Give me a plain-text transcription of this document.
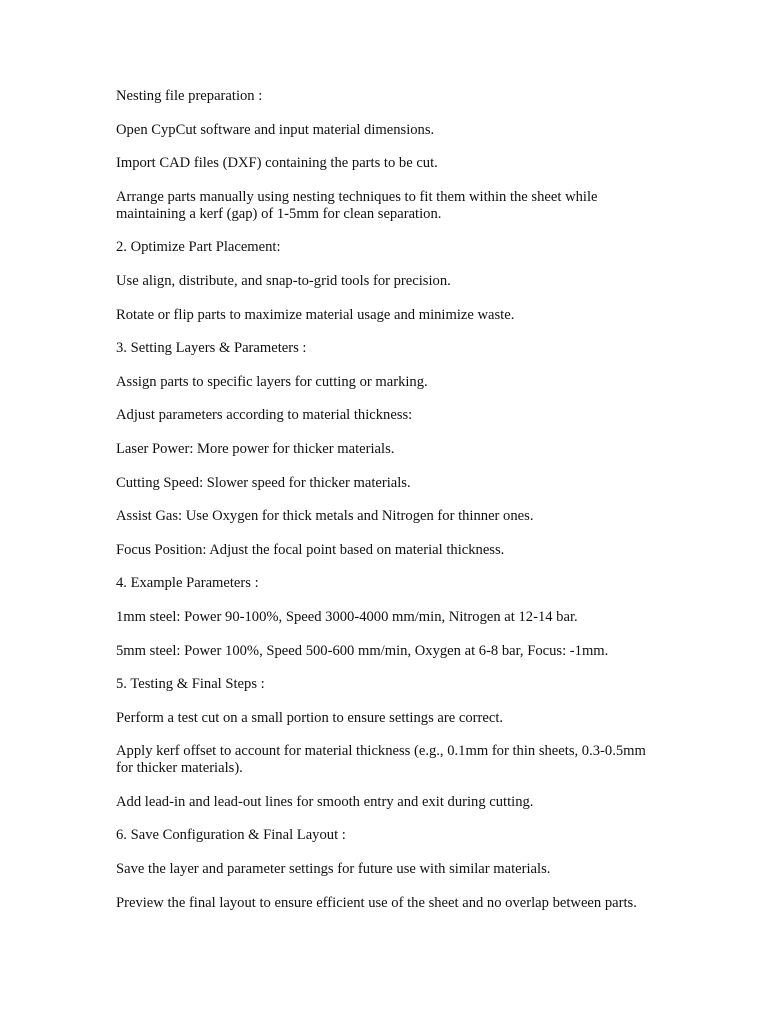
Nesting file preparation :

Open CypCut software and input material dimensions.

Import CAD files (DXF) containing the parts to be cut.

Arrange parts manually using nesting techniques to fit them within the sheet while maintaining a kerf (gap) of 1-5mm for clean separation.

2. Optimize Part Placement:

Use align, distribute, and snap-to-grid tools for precision.

Rotate or flip parts to maximize material usage and minimize waste.

3. Setting Layers & Parameters :

Assign parts to specific layers for cutting or marking.

Adjust parameters according to material thickness:

Laser Power: More power for thicker materials.

Cutting Speed: Slower speed for thicker materials.

Assist Gas: Use Oxygen for thick metals and Nitrogen for thinner ones.

Focus Position: Adjust the focal point based on material thickness.

4. Example Parameters :

1mm steel: Power 90-100%, Speed 3000-4000 mm/min, Nitrogen at 12-14 bar.

5mm steel: Power 100%, Speed 500-600 mm/min, Oxygen at 6-8 bar, Focus: -1mm.

5. Testing & Final Steps :

Perform a test cut on a small portion to ensure settings are correct.

Apply kerf offset to account for material thickness (e.g., 0.1mm for thin sheets, 0.3-0.5mm for thicker materials).

Add lead-in and lead-out lines for smooth entry and exit during cutting.

6. Save Configuration & Final Layout :

Save the layer and parameter settings for future use with similar materials.

Preview the final layout to ensure efficient use of the sheet and no overlap between parts.
